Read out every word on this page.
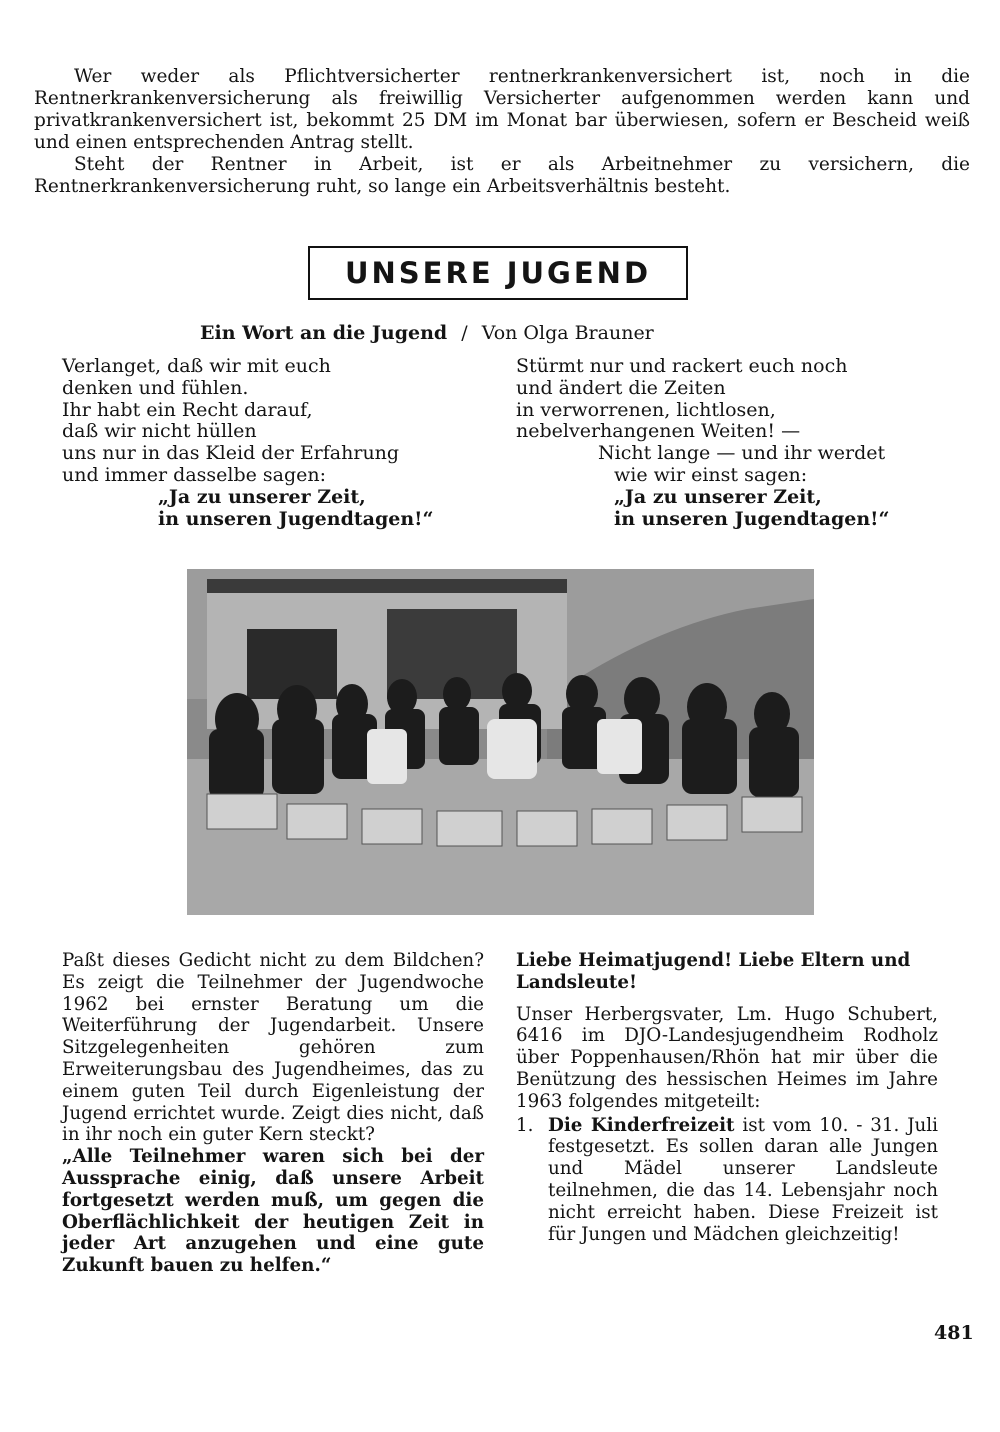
Wer weder als Pflichtversicherter rentnerkrankenversichert ist, noch in die Rentnerkrankenversicherung als freiwillig Versicherter aufgenommen werden kann und privatkrankenversichert ist, bekommt 25 DM im Monat bar überwiesen, sofern er Bescheid weiß und einen entsprechenden Antrag stellt.

Steht der Rentner in Arbeit, ist er als Arbeitnehmer zu versichern, die Rentnerkrankenversicherung ruht, so lange ein Arbeitsverhältnis besteht.

UNSERE JUGEND
Ein Wort an die Jugend / Von Olga Brauner
Verlanget, daß wir mit euch
denken und fühlen.
Ihr habt ein Recht darauf,
daß wir nicht hüllen
uns nur in das Kleid der Erfahrung
und immer dasselbe sagen:
„Ja zu unserer Zeit,
in unseren Jugendtagen!“
Stürmt nur und rackert euch noch
und ändert die Zeiten
in verworrenen, lichtlosen,
nebelverhangenen Weiten! —
Nicht lange — und ihr werdet
wie wir einst sagen:
„Ja zu unserer Zeit,
in unseren Jugendtagen!“

Paßt dieses Gedicht nicht zu dem Bildchen? Es zeigt die Teilnehmer der Jugendwoche 1962 bei ernster Beratung um die Weiterführung der Jugendarbeit. Unsere Sitzgelegenheiten gehören zum Erweiterungsbau des Jugendheimes, das zu einem guten Teil durch Eigenleistung der Jugend errichtet wurde. Zeigt dies nicht, daß in ihr noch ein guter Kern steckt?

„Alle Teilnehmer waren sich bei der Aussprache einig, daß unsere Arbeit fortgesetzt werden muß, um gegen die Oberflächlichkeit der heutigen Zeit in jeder Art anzugehen und eine gute Zukunft bauen zu helfen.“

Liebe Heimatjugend! Liebe Eltern und Landsleute!

Unser Herbergsvater, Lm. Hugo Schubert, 6416 im DJO-Landesjugendheim Rodholz über Poppenhausen/Rhön hat mir über die Benützung des hessischen Heimes im Jahre 1963 folgendes mitgeteilt:

1. Die Kinderfreizeit ist vom 10. - 31. Juli festgesetzt. Es sollen daran alle Jungen und Mädel unserer Landsleute teilnehmen, die das 14. Lebensjahr noch nicht erreicht haben. Diese Freizeit ist für Jungen und Mädchen gleichzeitig!
481
